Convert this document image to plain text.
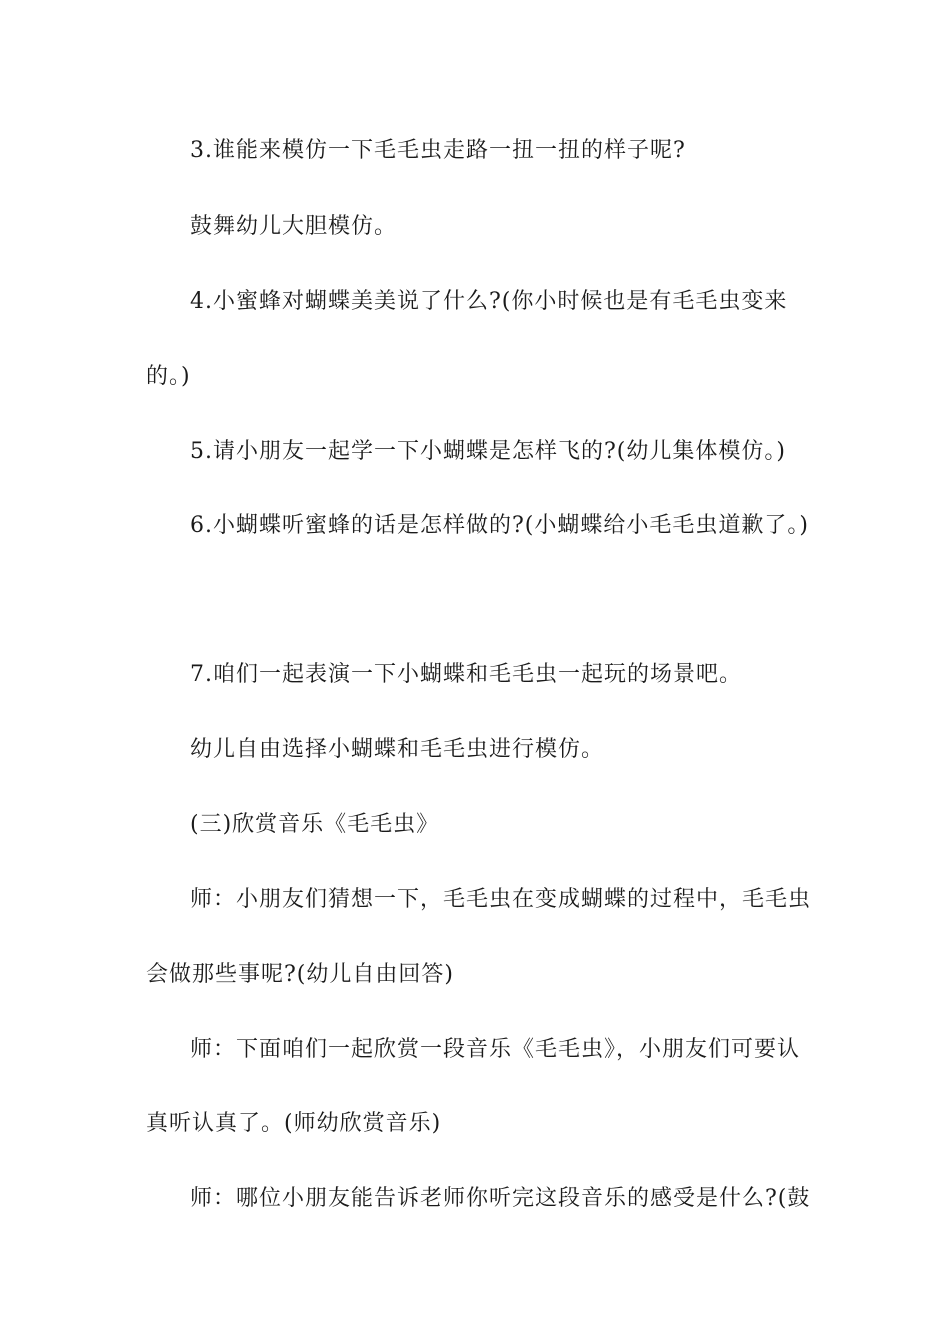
3.谁能来模仿一下毛毛虫走路一扭一扭的样子呢?
鼓舞幼儿大胆模仿。
4.小蜜蜂对蝴蝶美美说了什么?(你小时候也是有毛毛虫变来
的。)
5.请小朋友一起学一下小蝴蝶是怎样飞的?(幼儿集体模仿。)
6.小蝴蝶听蜜蜂的话是怎样做的?(小蝴蝶给小毛毛虫道歉了。)
7.咱们一起表演一下小蝴蝶和毛毛虫一起玩的场景吧。
幼儿自由选择小蝴蝶和毛毛虫进行模仿。
(三)欣赏音乐《毛毛虫》
师：小朋友们猜想一下，毛毛虫在变成蝴蝶的过程中，毛毛虫
会做那些事呢?(幼儿自由回答)
师：下面咱们一起欣赏一段音乐《毛毛虫》，小朋友们可要认
真听认真了。(师幼欣赏音乐)
师：哪位小朋友能告诉老师你听完这段音乐的感受是什么?(鼓
